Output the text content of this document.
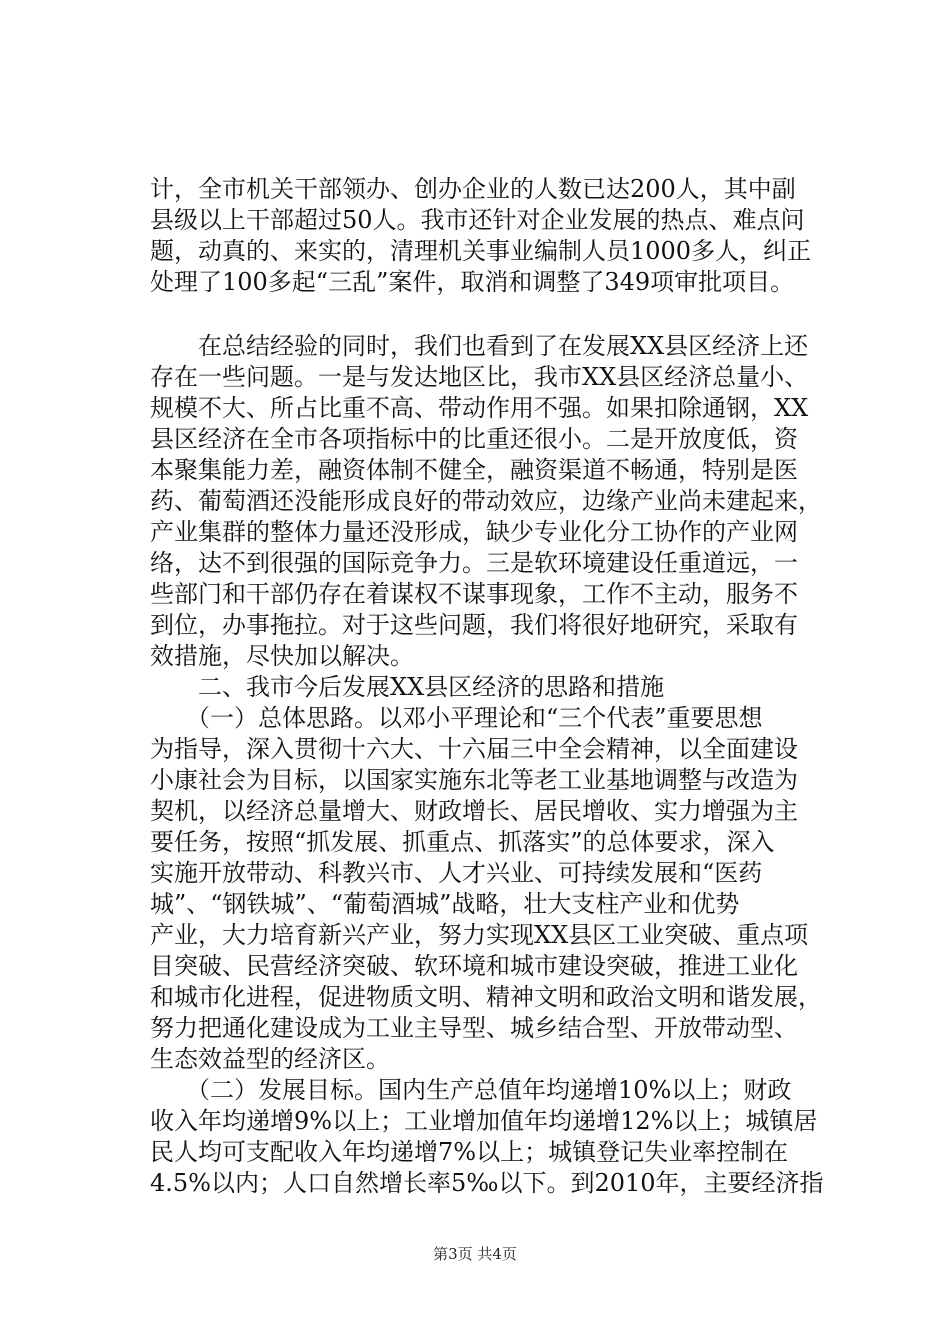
计，全市机关干部领办、创办企业的人数已达200人，其中副
县级以上干部超过50人。我市还针对企业发展的热点、难点问
题，动真的、来实的，清理机关事业编制人员1000多人，纠正
处理了100多起“三乱”案件，取消和调整了349项审批项目。
　　在总结经验的同时，我们也看到了在发展XX县区经济上还
存在一些问题。一是与发达地区比，我市XX县区经济总量小、
规模不大、所占比重不高、带动作用不强。如果扣除通钢，XX
县区经济在全市各项指标中的比重还很小。二是开放度低，资
本聚集能力差，融资体制不健全，融资渠道不畅通，特别是医
药、葡萄酒还没能形成良好的带动效应，边缘产业尚未建起来，
产业集群的整体力量还没形成，缺少专业化分工协作的产业网
络，达不到很强的国际竞争力。三是软环境建设任重道远，一
些部门和干部仍存在着谋权不谋事现象，工作不主动，服务不
到位，办事拖拉。对于这些问题，我们将很好地研究，采取有
效措施，尽快加以解决。
　　二、我市今后发展XX县区经济的思路和措施
　　（一）总体思路。以邓小平理论和“三个代表”重要思想
为指导，深入贯彻十六大、十六届三中全会精神，以全面建设
小康社会为目标，以国家实施东北等老工业基地调整与改造为
契机，以经济总量增大、财政增长、居民增收、实力增强为主
要任务，按照“抓发展、抓重点、抓落实”的总体要求，深入
实施开放带动、科教兴市、人才兴业、可持续发展和“医药
城”、“钢铁城”、“葡萄酒城”战略，壮大支柱产业和优势
产业，大力培育新兴产业，努力实现XX县区工业突破、重点项
目突破、民营经济突破、软环境和城市建设突破，推进工业化
和城市化进程，促进物质文明、精神文明和政治文明和谐发展，
努力把通化建设成为工业主导型、城乡结合型、开放带动型、
生态效益型的经济区。
　　（二）发展目标。国内生产总值年均递增10%以上；财政
收入年均递增9%以上；工业增加值年均递增12%以上；城镇居
民人均可支配收入年均递增7%以上；城镇登记失业率控制在
4.5%以内；人口自然增长率5‰以下。到2010年，主要经济指
第3页 共4页
